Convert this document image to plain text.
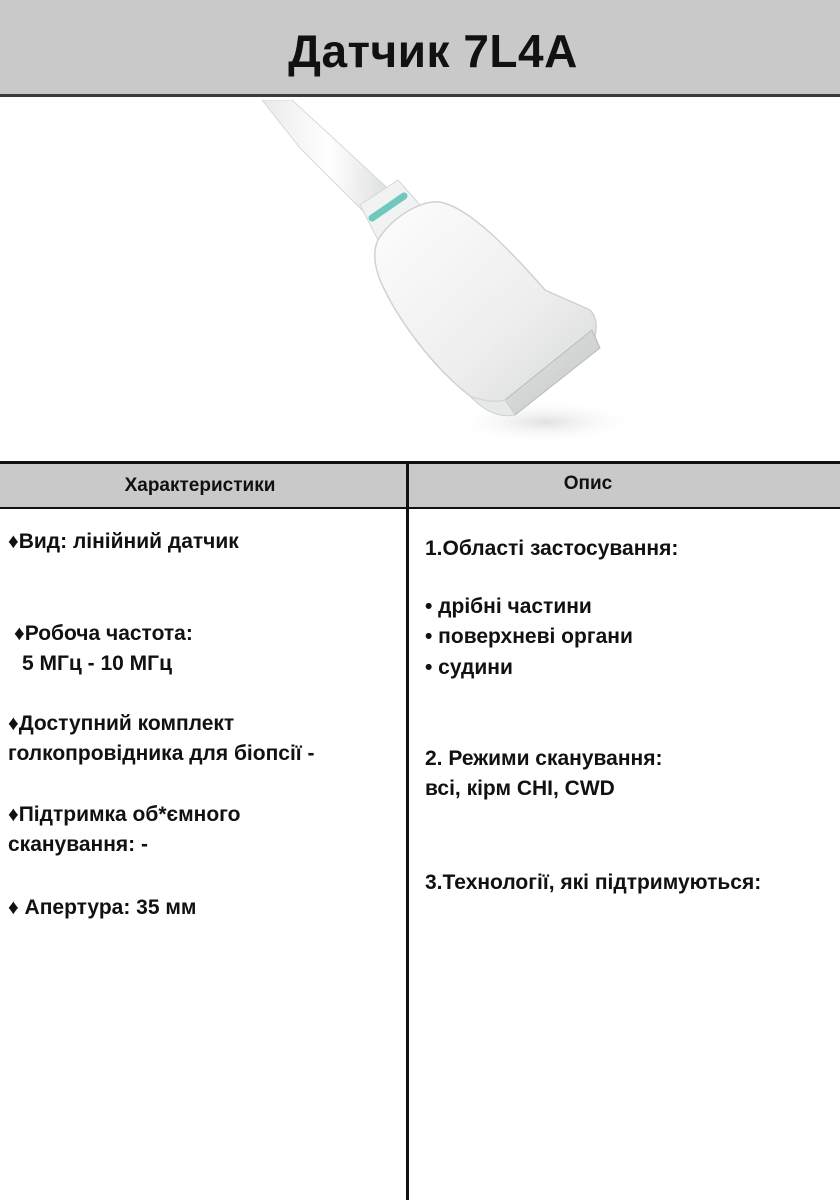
Датчик 7L4A
Характеристики	Опис
♦Вид: лінійний датчик
♦Робоча частота:
5 МГц - 10 МГц
♦Доступний комплект
голкопровідника для біопсії -
♦Підтримка об*ємного
сканування: -
♦ Апертура: 35 мм
1.Області застосування:
• дрібні частини
• поверхневі органи
• судини
2. Режими сканування:
всі, кірм CHI, CWD
3.Технології, які підтримуються:
